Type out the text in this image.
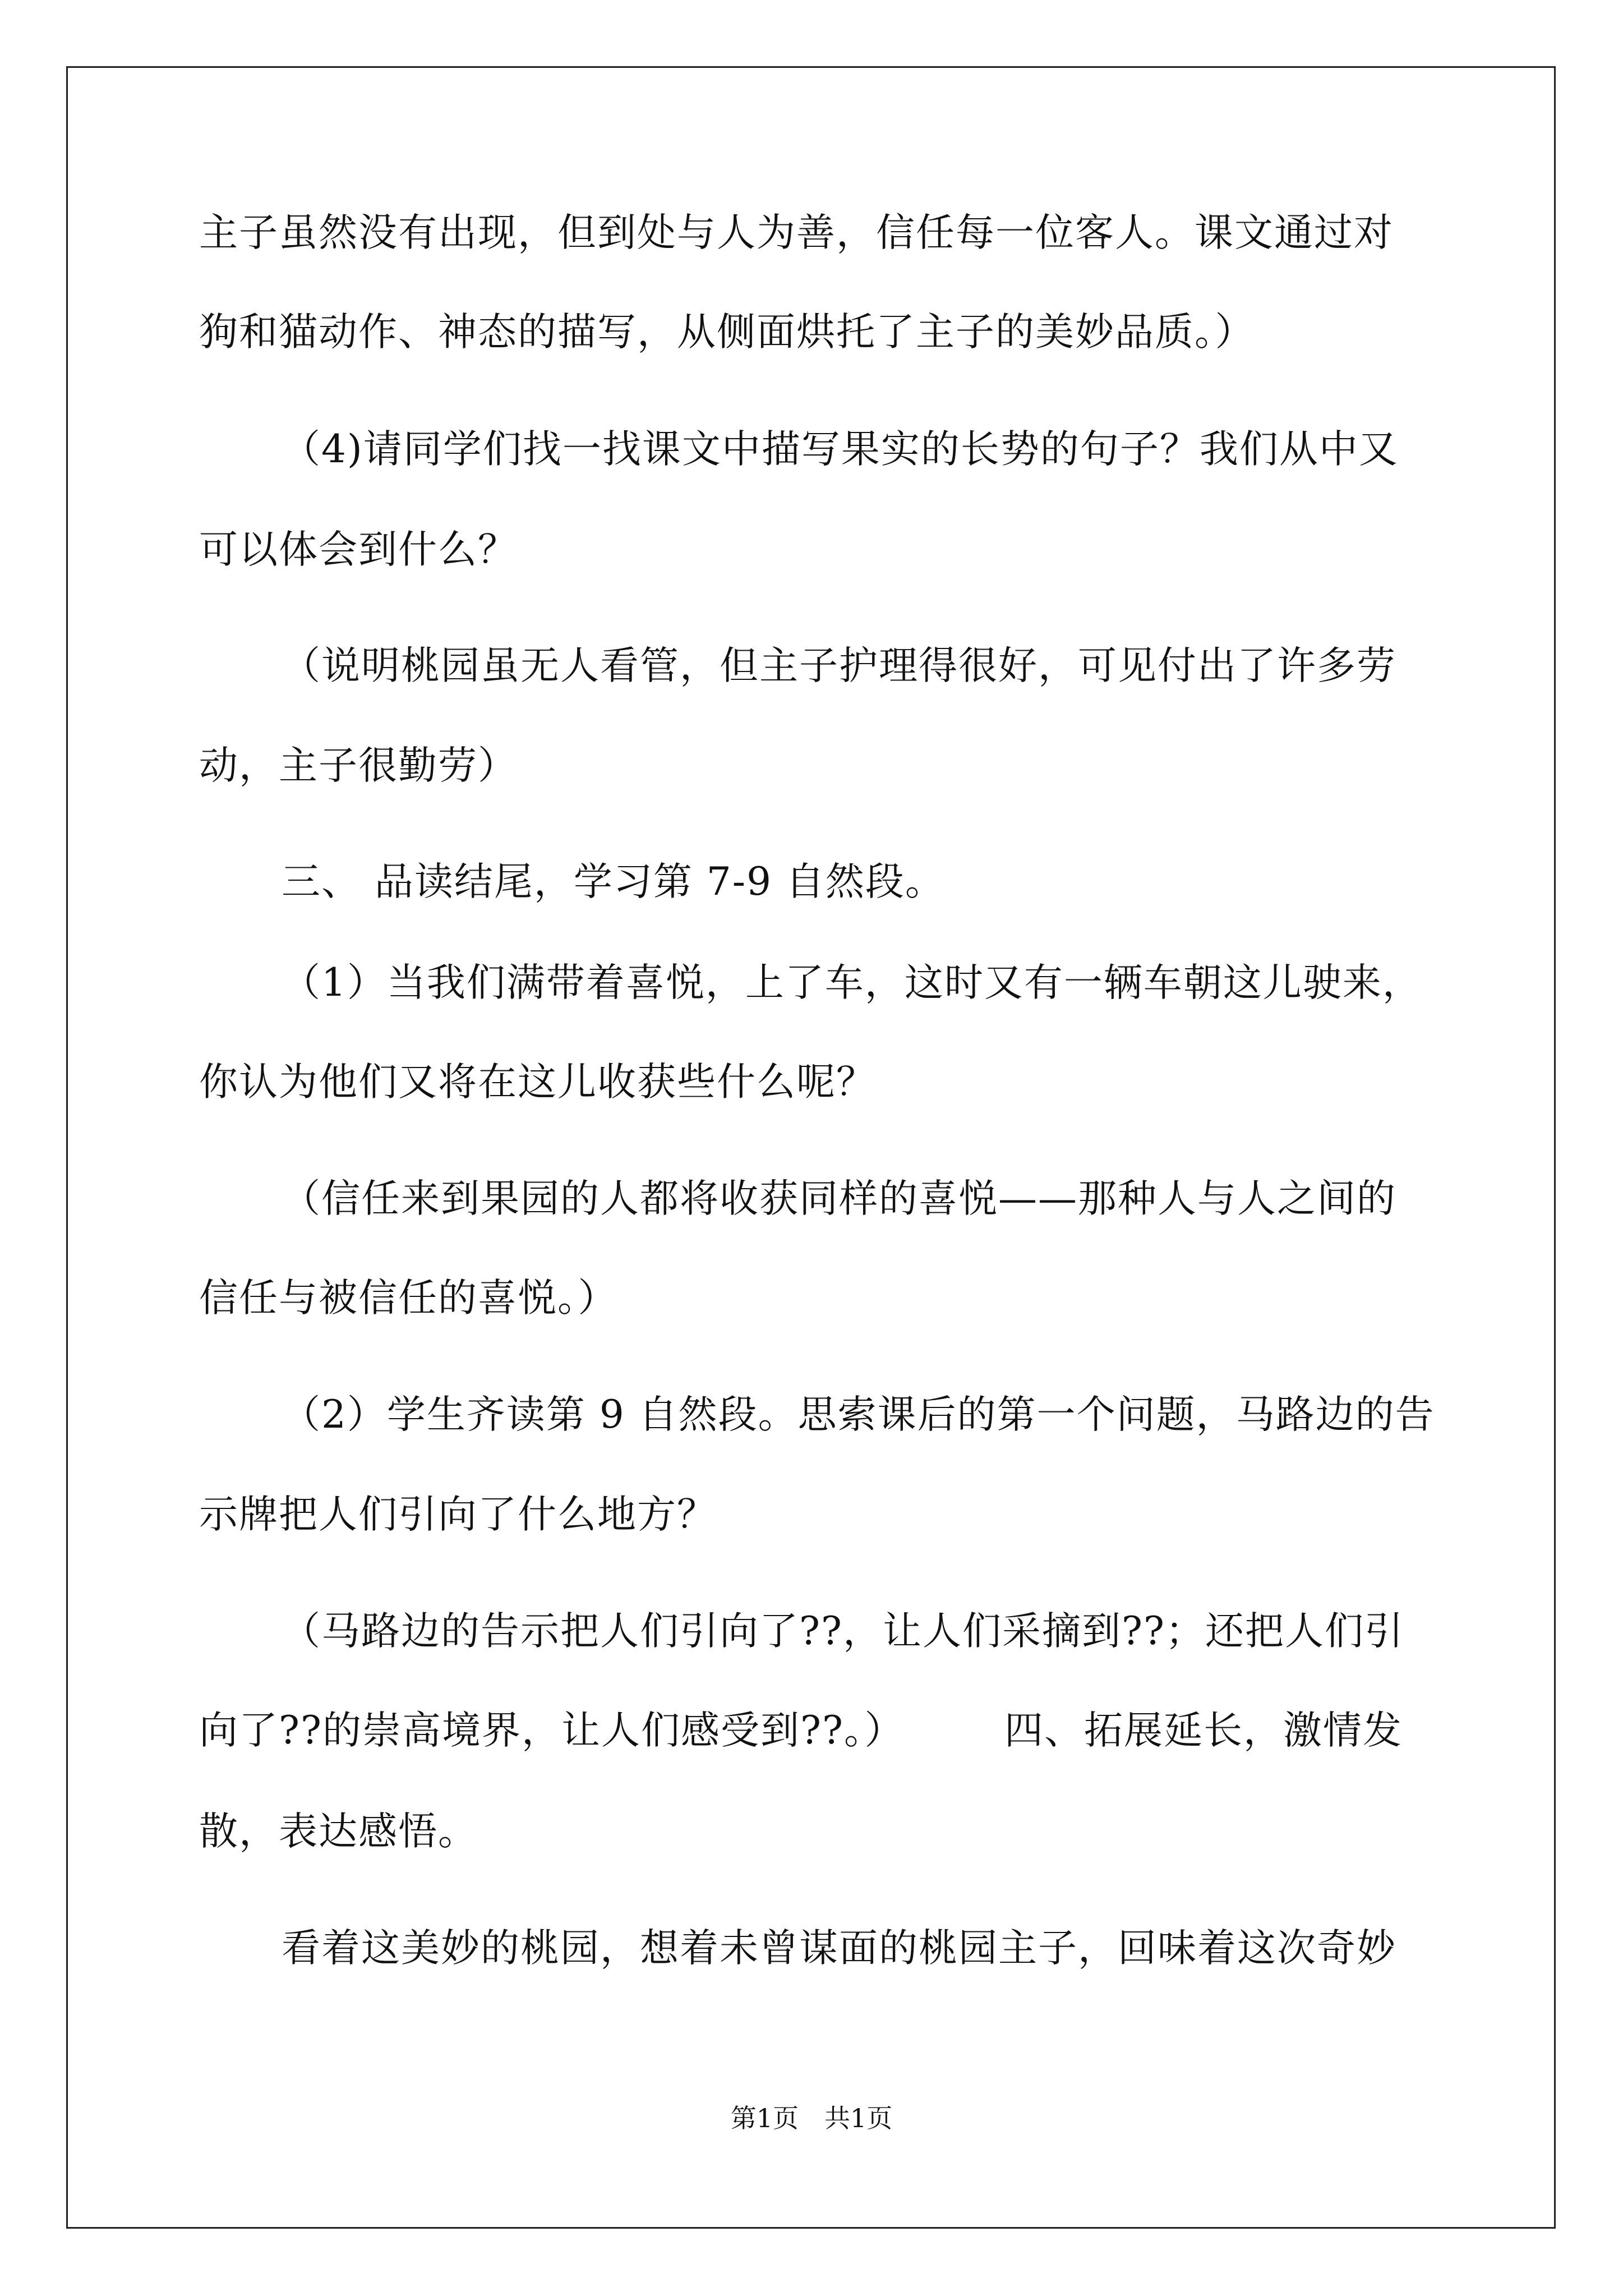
主子虽然没有出现，但到处与人为善，信任每一位客人。课文通过对
狗和猫动作、神态的描写，从侧面烘托了主子的美妙品质。）
（4)请同学们找一找课文中描写果实的长势的句子？我们从中又
可以体会到什么？
（说明桃园虽无人看管，但主子护理得很好，可见付出了许多劳
动，主子很勤劳）
三、 品读结尾，学习第 7-9 自然段。
（1）当我们满带着喜悦，上了车，这时又有一辆车朝这儿驶来，
你认为他们又将在这儿收获些什么呢？
（信任来到果园的人都将收获同样的喜悦——那种人与人之间的
信任与被信任的喜悦。）
（2）学生齐读第 9 自然段。思索课后的第一个问题，马路边的告
示牌把人们引向了什么地方？
（马路边的告示把人们引向了??，让人们采摘到??；还把人们引
向了??的崇高境界，让人们感受到??。）　　　四、拓展延长，激情发
散，表达感悟。
看着这美妙的桃园，想着未曾谋面的桃园主子，回味着这次奇妙
第1页　共1页
